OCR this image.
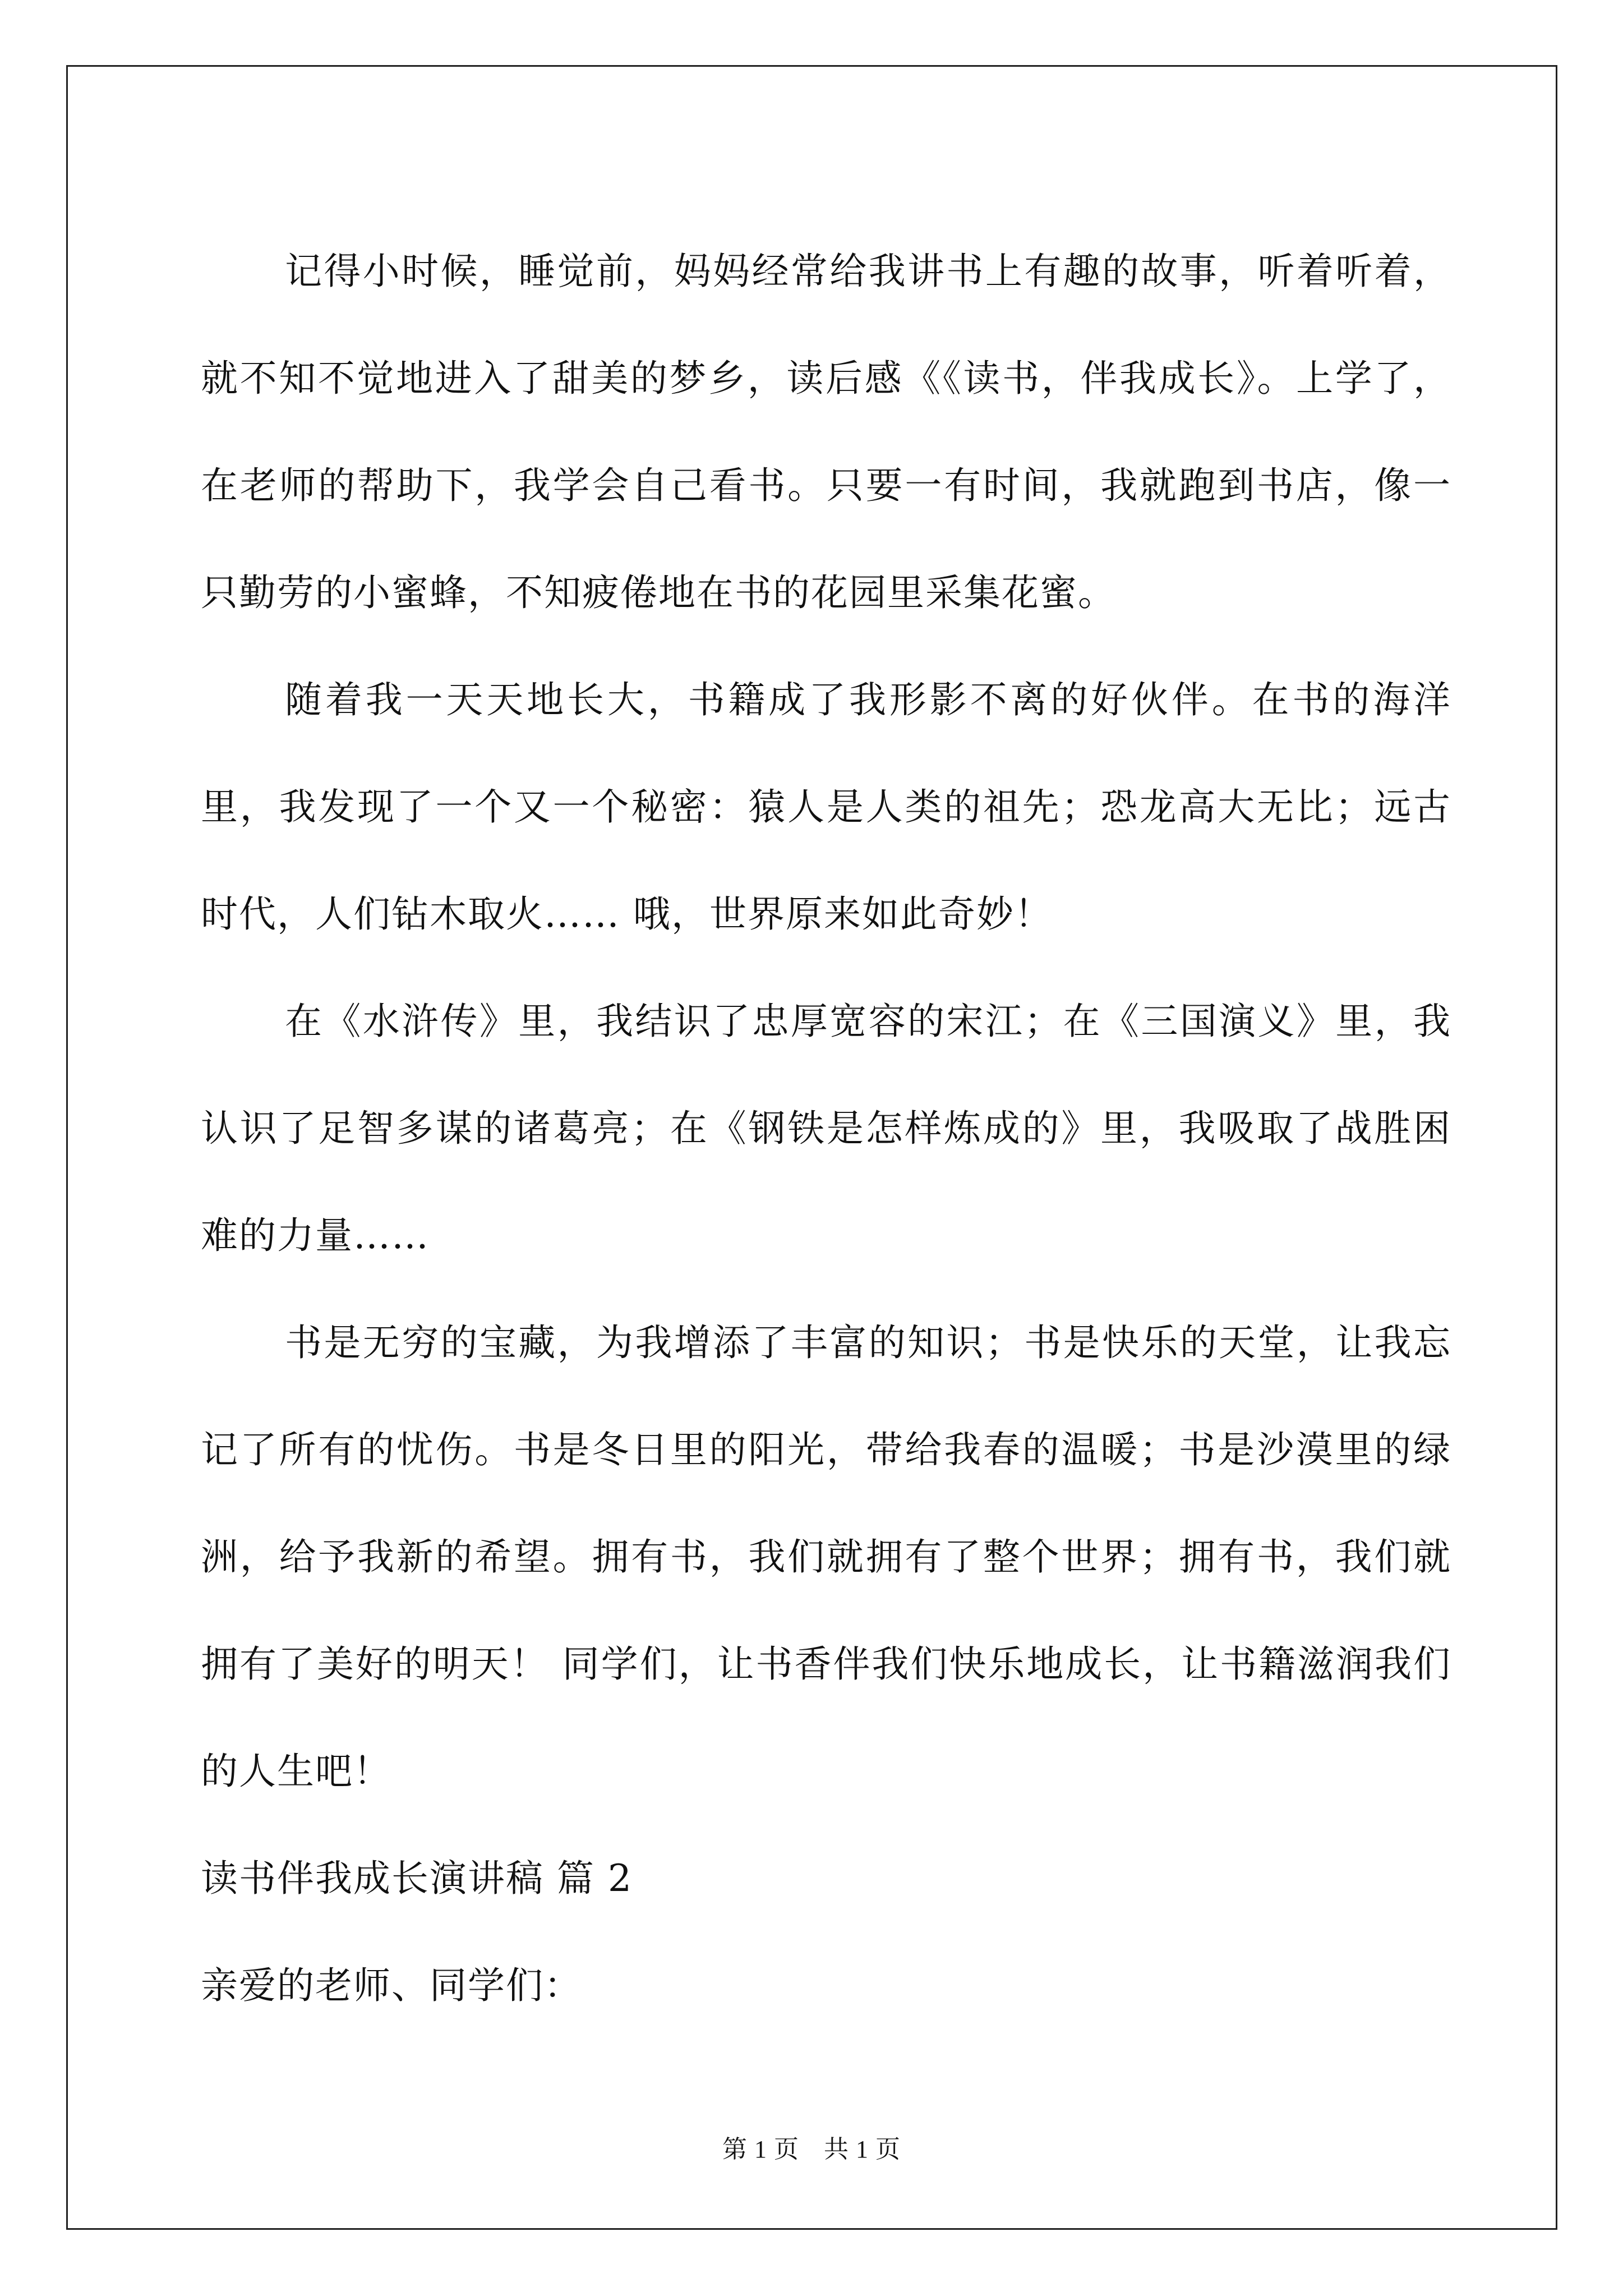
记得小时候，睡觉前，妈妈经常给我讲书上有趣的故事，听着听着，就不知不觉地进入了甜美的梦乡，读后感《《读书，伴我成长》。上学了，在老师的帮助下，我学会自己看书。只要一有时间，我就跑到书店，像一只勤劳的小蜜蜂，不知疲倦地在书的花园里采集花蜜。

随着我一天天地长大，书籍成了我形影不离的好伙伴。在书的海洋里，我发现了一个又一个秘密：猿人是人类的祖先；恐龙高大无比；远古时代，人们钻木取火…… 哦，世界原来如此奇妙！

在《水浒传》里，我结识了忠厚宽容的宋江；在《三国演义》里，我认识了足智多谋的诸葛亮；在《钢铁是怎样炼成的》里，我吸取了战胜困难的力量……

书是无穷的宝藏，为我增添了丰富的知识；书是快乐的天堂，让我忘记了所有的忧伤。书是冬日里的阳光，带给我春的温暖；书是沙漠里的绿洲，给予我新的希望。拥有书，我们就拥有了整个世界；拥有书，我们就拥有了美好的明天！ 同学们，让书香伴我们快乐地成长，让书籍滋润我们的人生吧！

读书伴我成长演讲稿 篇 2

亲爱的老师、同学们：

第 1 页 共 1 页
